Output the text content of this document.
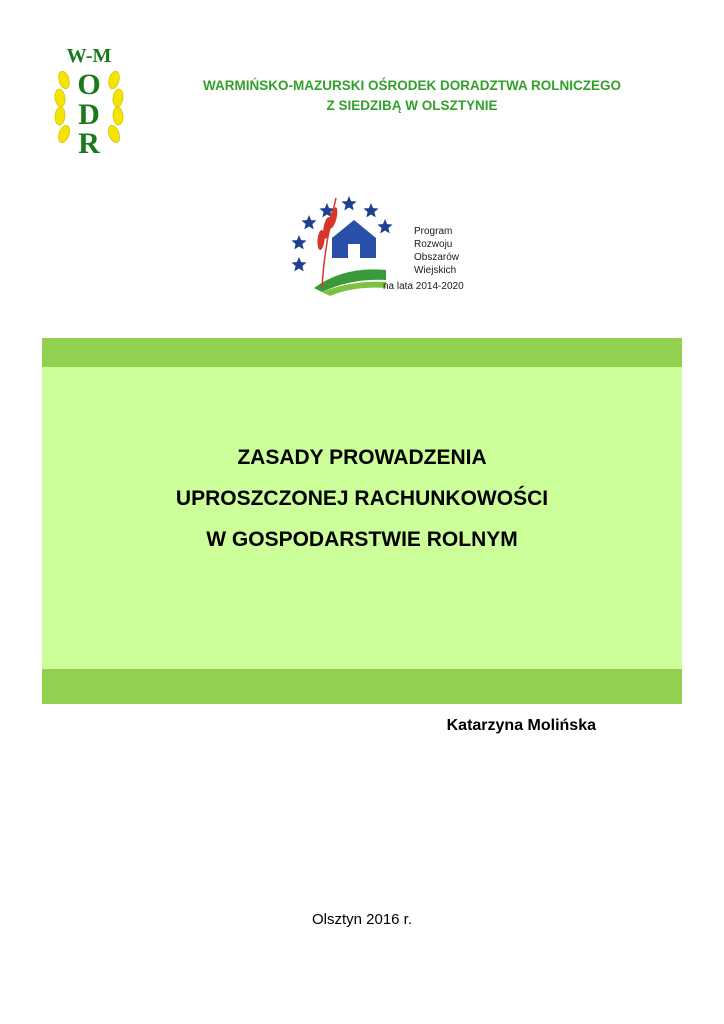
W-M
O
D
R
WARMIŃSKO-MAZURSKI OŚRODEK DORADZTWA ROLNICZEGO
Z SIEDZIBĄ W OLSZTYNIE
Program
Rozwoju
Obszarów
Wiejskich
na lata 2014-2020
ZASADY PROWADZENIA
UPROSZCZONEJ RACHUNKOWOŚCI
W GOSPODARSTWIE ROLNYM
Katarzyna Molińska
Olsztyn 2016 r.
